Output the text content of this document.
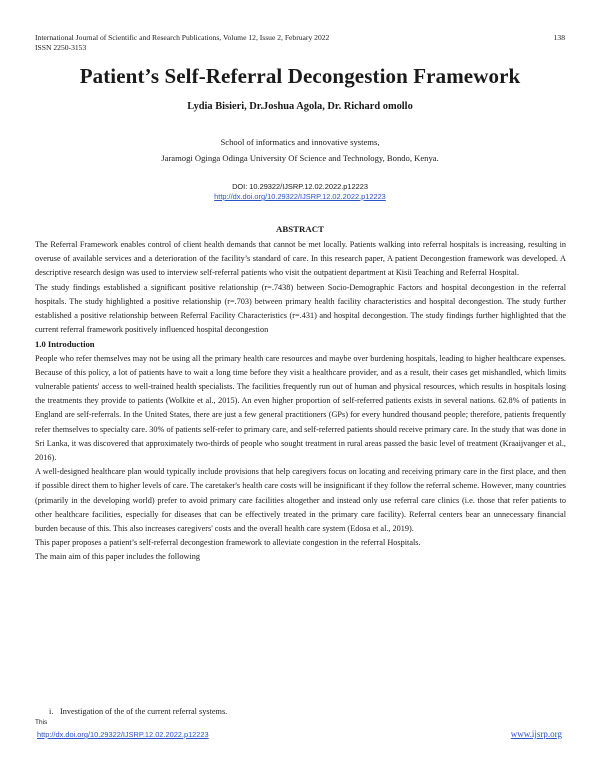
International Journal of Scientific and Research Publications, Volume 12, Issue 2, February 2022
ISSN 2250-3153
138
Patient’s Self-Referral Decongestion Framework
Lydia Bisieri, Dr.Joshua Agola, Dr. Richard omollo
School of informatics and innovative systems,
Jaramogi Oginga Odinga University Of Science and Technology, Bondo, Kenya.
DOI: 10.29322/IJSRP.12.02.2022.p12223
http://dx.doi.org/10.29322/IJSRP.12.02.2022.p12223
ABSTRACT

The Referral Framework enables control of client health demands that cannot be met locally. Patients walking into referral hospitals is increasing, resulting in overuse of available services and a deterioration of the facility’s standard of care. In this research paper, A patient Decongestion framework was developed. A descriptive research design was used to interview self-referral patients who visit the outpatient department at Kisii Teaching and Referral Hospital.

The study findings established a significant positive relationship (r=.7438) between Socio-Demographic Factors and hospital decongestion in the referral hospitals. The study highlighted a positive relationship (r=.703) between primary health facility characteristics and hospital decongestion. The study further established a positive relationship between Referral Facility Characteristics (r=.431) and hospital decongestion. The study findings further highlighted that the current referral framework positively influenced hospital decongestion

1.0 Introduction

People who refer themselves may not be using all the primary health care resources and maybe over burdening hospitals, leading to higher healthcare expenses. Because of this policy, a lot of patients have to wait a long time before they visit a healthcare provider, and as a result, their cases get mishandled, which limits vulnerable patients' access to well-trained health specialists. The facilities frequently run out of human and physical resources, which results in hospitals losing the treatments they provide to patients (Wolkite et al., 2015). An even higher proportion of self-referred patients exists in several nations. 62.8% of patients in England are self-referrals. In the United States, there are just a few general practitioners (GPs) for every hundred thousand people; therefore, patients frequently refer themselves to specialty care. 30% of patients self-refer to primary care, and self-referred patients should receive primary care. In the study that was done in Sri Lanka, it was discovered that approximately two-thirds of people who sought treatment in rural areas passed the basic level of treatment (Kraaijvanger et al., 2016).

A well-designed healthcare plan would typically include provisions that help caregivers focus on locating and receiving primary care in the first place, and then if possible direct them to higher levels of care. The caretaker's health care costs will be insignificant if they follow the referral scheme. However, many countries (primarily in the developing world) prefer to avoid primary care facilities altogether and instead only use referral care clinics (i.e. those that refer patients to other healthcare facilities, especially for diseases that can be effectively treated in the primary care facility). Referral centers bear an unnecessary financial burden because of this. This also increases caregivers' costs and the overall health care system (Edosa et al., 2019).

This paper proposes a patient’s self-referral decongestion framework to alleviate congestion in the referral Hospitals.

The main aim of this paper includes the following

i. Investigation of the of the current referral systems.
This
http://dx.doi.org/10.29322/IJSRP.12.02.2022.p12223	www.ijsrp.org
